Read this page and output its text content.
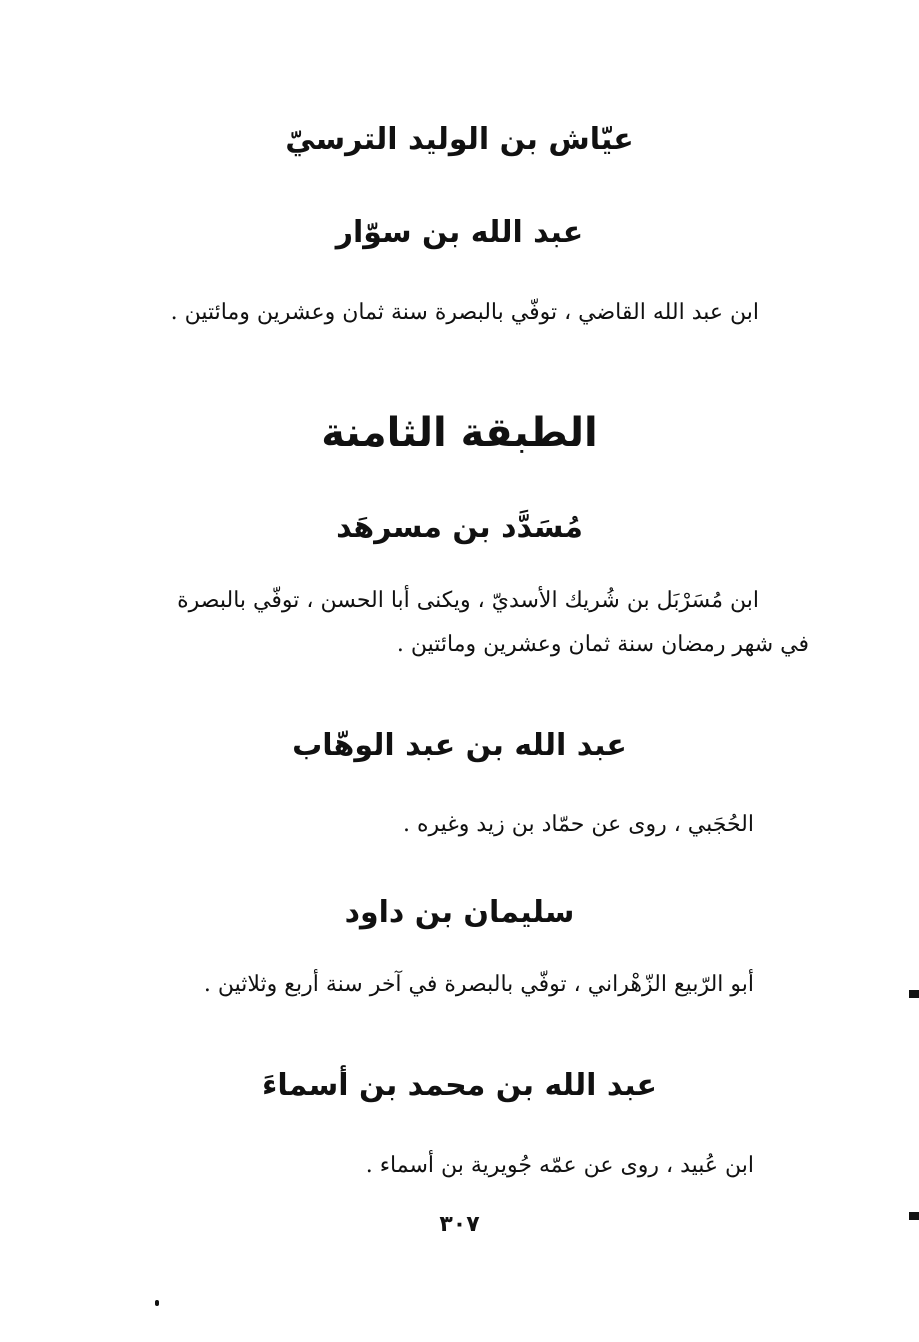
عيّاش بن الوليد الترسيّ
عبد الله بن سوّار
ابن عبد الله القاضي ، توفّي بالبصرة سنة ثمان وعشرين ومائتين .
الطبقة الثامنة
مُسَدَّد بن مسرهَد
ابن مُسَرْبَل بن شُريك الأسديّ ، ويكنى أبا الحسن ، توفّي بالبصرة
في شهر رمضان سنة ثمان وعشرين ومائتين .
عبد الله بن عبد الوهّاب
الحُجَبي ، روى عن حمّاد بن زيد وغيره .
سليمان بن داود
أبو الرّبيع الزّهْراني ، توفّي بالبصرة في آخر سنة أربع وثلاثين .
عبد الله بن محمد بن أسماءَ
ابن عُبيد ، روى عن عمّه جُويرية بن أسماء .
٣٠٧
